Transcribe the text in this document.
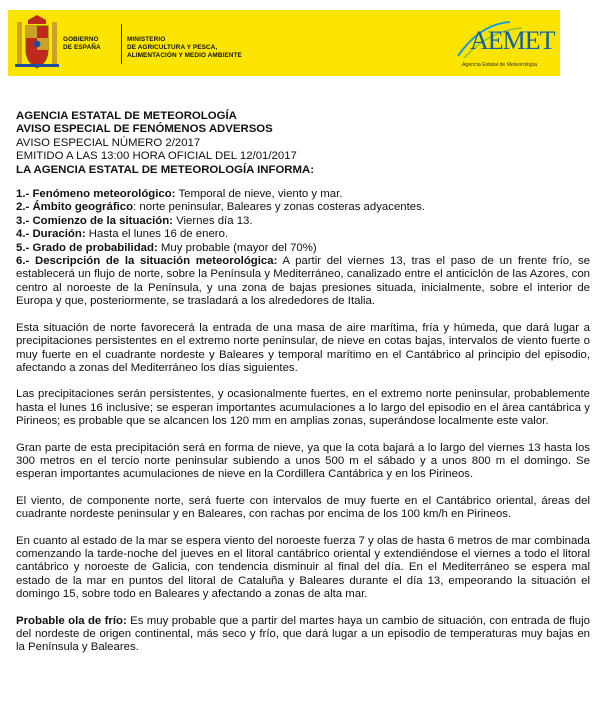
GOBIERNO
DE ESPAÑA
MINISTERIO
DE AGRICULTURA Y PESCA,
ALIMENTACIÓN Y MEDIO AMBIENTE
AEMET
Agencia Estatal de Meteorología
AGENCIA ESTATAL DE METEOROLOGÍA
AVISO ESPECIAL DE FENÓMENOS ADVERSOS
AVISO ESPECIAL NÚMERO 2/2017
EMITIDO A LAS 13:00 HORA OFICIAL DEL 12/01/2017
LA AGENCIA ESTATAL DE METEOROLOGÍA INFORMA:
1.- Fenómeno meteorológico: Temporal de nieve, viento y mar.
2.- Ámbito geográfico: norte peninsular, Baleares y zonas costeras adyacentes.
3.- Comienzo de la situación: Viernes día 13.
4.- Duración: Hasta el lunes 16 de enero.
5.- Grado de probabilidad: Muy probable (mayor del 70%)

6.- Descripción de la situación meteorológica: A partir del viernes 13, tras el paso de un frente frío, se establecerá un flujo de norte, sobre la Península y Mediterráneo, canalizado entre el anticiclón de las Azores, con centro al noroeste de la Península, y una zona de bajas presiones situada, inicialmente, sobre el interior de Europa y que, posteriormente, se trasladará a los alrededores de Italia.

Esta situación de norte favorecerá la entrada de una masa de aire marítima, fría y húmeda, que dará lugar a precipitaciones persistentes en el extremo norte peninsular, de nieve en cotas bajas, intervalos de viento fuerte o muy fuerte en el cuadrante nordeste y Baleares y temporal marítimo en el Cantábrico al principio del episodio, afectando a zonas del Mediterráneo los días siguientes.

Las precipitaciones serán persistentes, y ocasionalmente fuertes, en el extremo norte peninsular, probablemente hasta el lunes 16 inclusive; se esperan importantes acumulaciones a lo largo del episodio en el área cantábrica y Pirineos; es probable que se alcancen los 120 mm en amplias zonas, superándose localmente este valor.

Gran parte de esta precipitación será en forma de nieve, ya que la cota bajará a lo largo del viernes 13 hasta los 300 metros en el tercio norte peninsular subiendo a unos 500 m el sábado y a unos 800 m el domingo. Se esperan importantes acumulaciones de nieve en la Cordillera Cantábrica y en los Pirineos.

El viento, de componente norte, será fuerte con intervalos de muy fuerte en el Cantábrico oriental, áreas del cuadrante nordeste peninsular y en Baleares, con rachas por encima de los 100 km/h en Pirineos.

En cuanto al estado de la mar se espera viento del noroeste fuerza 7 y olas de hasta 6 metros de mar combinada comenzando la tarde-noche del jueves en el litoral cantábrico oriental y extendiéndose el viernes a todo el litoral cantábrico y noroeste de Galicia, con tendencia disminuir al final del día. En el Mediterráneo se espera mal estado de la mar en puntos del litoral de Cataluña y Baleares durante el día 13, empeorando la situación el domingo 15, sobre todo en Baleares y afectando a zonas de alta mar.

Probable ola de frío: Es muy probable que a partir del martes haya un cambio de situación, con entrada de flujo del nordeste de origen continental, más seco y frío, que dará lugar a un episodio de temperaturas muy bajas en la Península y Baleares.
